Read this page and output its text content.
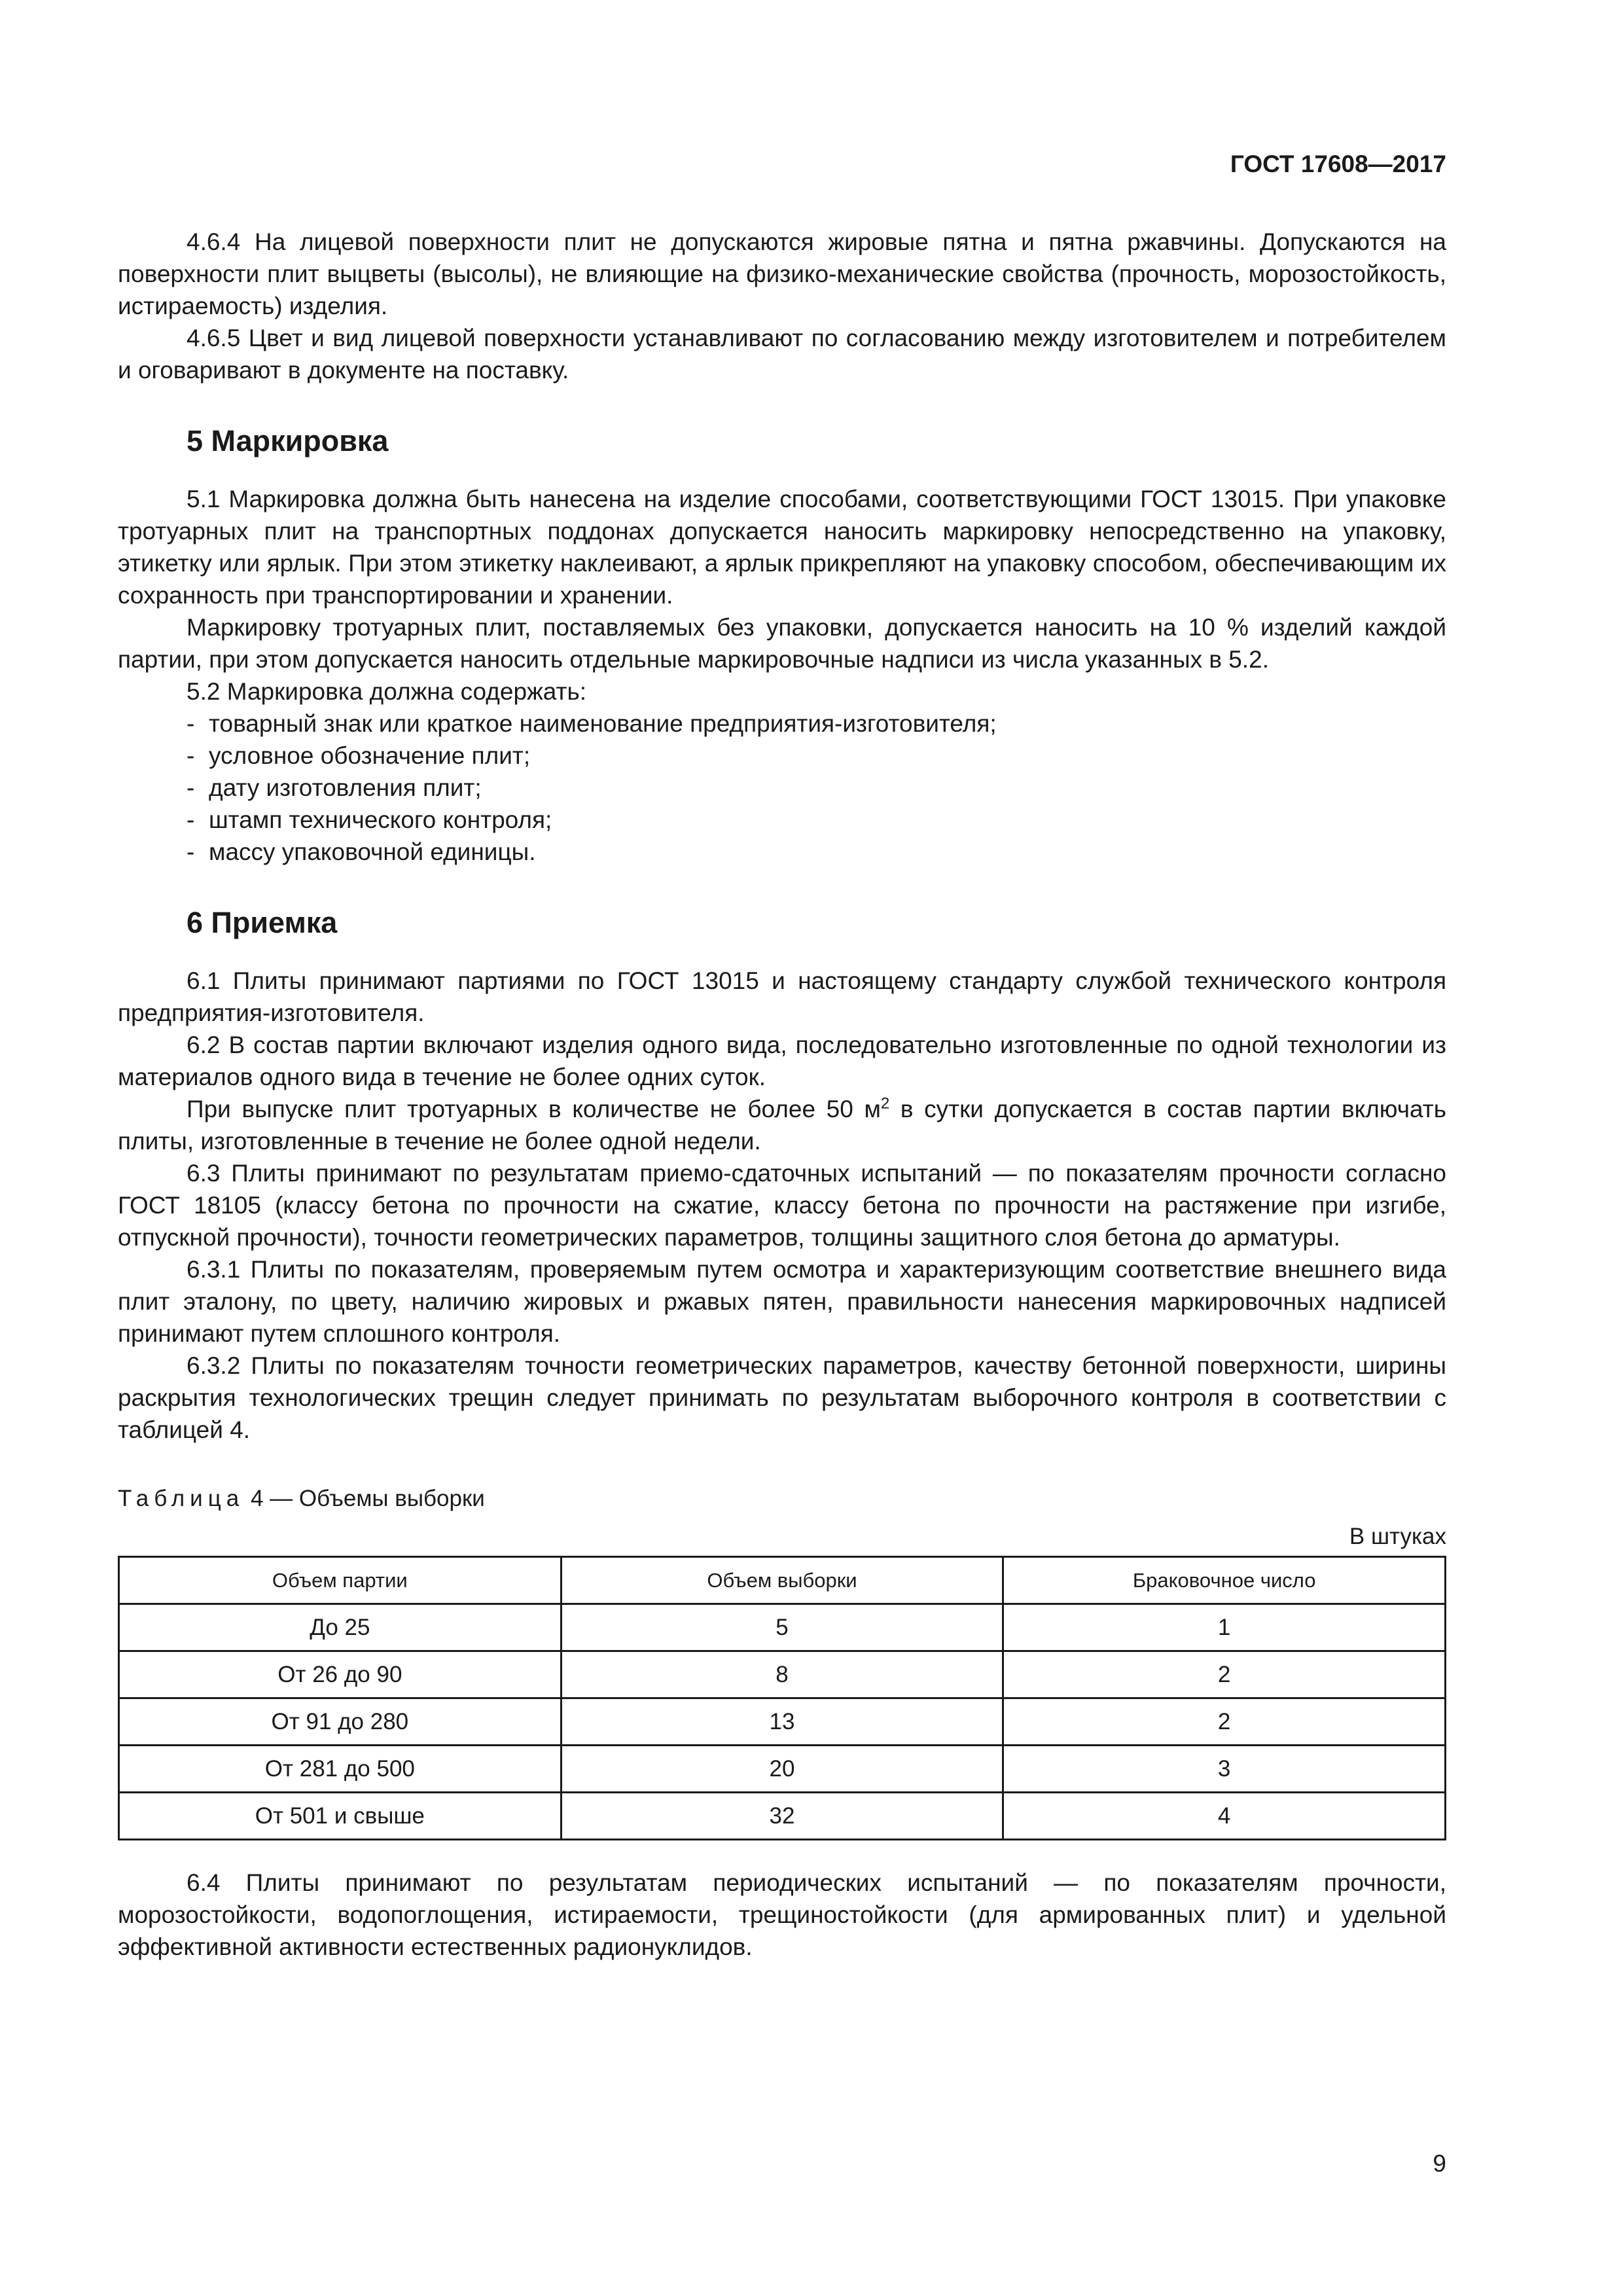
ГОСТ 17608—2017

4.6.4 На лицевой поверхности плит не допускаются жировые пятна и пятна ржавчины. Допускаются на поверхности плит выцветы (высолы), не влияющие на физико-механические свойства (прочность, морозостойкость, истираемость) изделия.

4.6.5 Цвет и вид лицевой поверхности устанавливают по согласованию между изготовителем и потребителем и оговаривают в документе на поставку.

5 Маркировка

5.1 Маркировка должна быть нанесена на изделие способами, соответствующими ГОСТ 13015. При упаковке тротуарных плит на транспортных поддонах допускается наносить маркировку непосредственно на упаковку, этикетку или ярлык. При этом этикетку наклеивают, а ярлык прикрепляют на упаковку способом, обеспечивающим их сохранность при транспортировании и хранении.

Маркировку тротуарных плит, поставляемых без упаковки, допускается наносить на 10 % изделий каждой партии, при этом допускается наносить отдельные маркировочные надписи из числа указанных в 5.2.

5.2 Маркировка должна содержать:

- товарный знак или краткое наименование предприятия-изготовителя;
- условное обозначение плит;
- дату изготовления плит;
- штамп технического контроля;
- массу упаковочной единицы.
6 Приемка

6.1 Плиты принимают партиями по ГОСТ 13015 и настоящему стандарту службой технического контроля предприятия-изготовителя.

6.2 В состав партии включают изделия одного вида, последовательно изготовленные по одной технологии из материалов одного вида в течение не более одних суток.

При выпуске плит тротуарных в количестве не более 50 $м^2$ в сутки допускается в состав партии включать плиты, изготовленные в течение не более одной недели.

6.3 Плиты принимают по результатам приемо-сдаточных испытаний — по показателям прочности согласно ГОСТ 18105 (классу бетона по прочности на сжатие, классу бетона по прочности на растяжение при изгибе, отпускной прочности), точности геометрических параметров, толщины защитного слоя бетона до арматуры.

6.3.1 Плиты по показателям, проверяемым путем осмотра и характеризующим соответствие внешнего вида плит эталону, по цвету, наличию жировых и ржавых пятен, правильности нанесения маркировочных надписей принимают путем сплошного контроля.

6.3.2 Плиты по показателям точности геометрических параметров, качеству бетонной поверхности, ширины раскрытия технологических трещин следует принимать по результатам выборочного контроля в соответствии с таблицей 4.

Таблица 4 — Объемы выборки
В штуках
Объем партии	Объем выборки	Браковочное число
До 25	5	1
От 26 до 90	8	2
От 91 до 280	13	2
От 281 до 500	20	3
От 501 и свыше	32	4

6.4 Плиты принимают по результатам периодических испытаний — по показателям прочности, морозостойкости, водопоглощения, истираемости, трещиностойкости (для армированных плит) и удельной эффективной активности естественных радионуклидов.

9
